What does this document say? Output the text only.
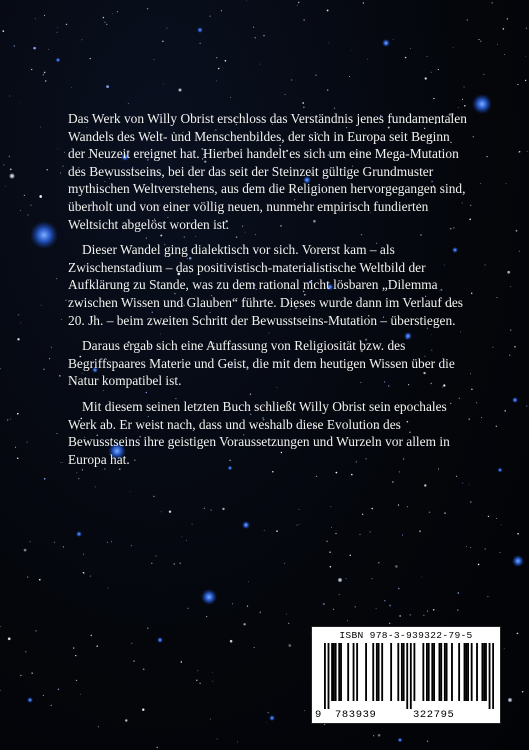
Das Werk von Willy Obrist erschloss das Verständnis jenes fundamentalen Wandels des Welt- und Menschenbildes, der sich in Europa seit Beginn der Neuzeit ereignet hat. Hierbei handelt es sich um eine Mega-Mutation des Bewusstseins, bei der das seit der Steinzeit gültige Grundmuster mythischen Weltverstehens, aus dem die Religionen hervorgegangen sind, überholt und von einer völlig neuen, nunmehr empirisch fundierten Weltsicht abgelöst worden ist.

Dieser Wandel ging dialektisch vor sich. Vorerst kam – als Zwischenstadium – das positivistisch-materialistische Weltbild der Aufklärung zu Stande, was zu dem rational nicht lösbaren „Dilemma zwischen Wissen und Glauben“ führte. Dieses wurde dann im Verlauf des 20. Jh. – beim zweiten Schritt der Bewusstseins-Mutation – überstiegen.

Daraus ergab sich eine Auffassung von Religiosität bzw. des Begriffspaares Materie und Geist, die mit dem heutigen Wissen über die Natur kompatibel ist.

Mit diesem seinen letzten Buch schließt Willy Obrist sein epochales Werk ab. Er weist nach, dass und weshalb diese Evolution des Bewusstseins ihre geistigen Voraussetzungen und Wurzeln vor allem in Europa hat.

ISBN 978-3-939322-79-5
9 783939	322795
